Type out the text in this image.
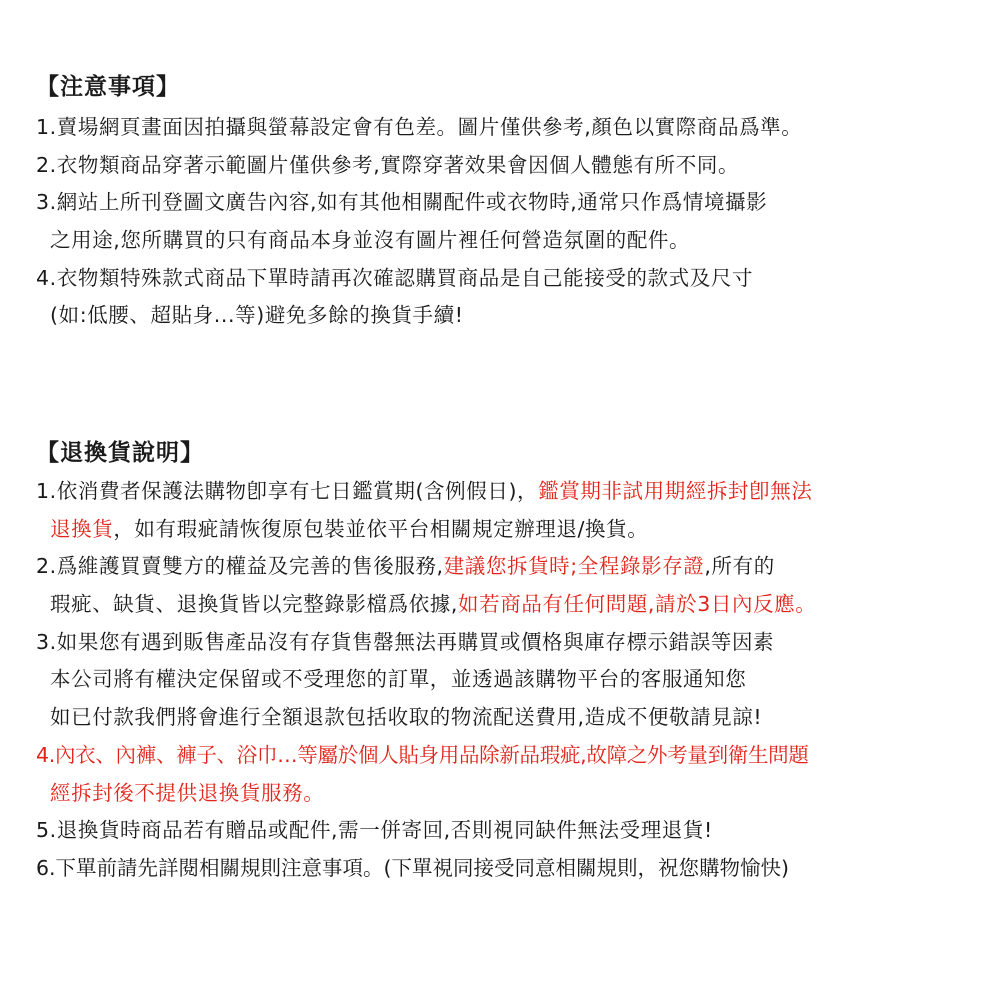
【注意事項】
1.賣場網頁畫面因拍攝與螢幕設定會有色差。圖片僅供參考,顏色以實際商品爲準。
2.衣物類商品穿著示範圖片僅供參考,實際穿著效果會因個人體態有所不同。
3.網站上所刊登圖文廣告內容,如有其他相關配件或衣物時,通常只作爲情境攝影
之用途,您所購買的只有商品本身並沒有圖片裡任何營造氛圍的配件。
4.衣物類特殊款式商品下單時請再次確認購買商品是自己能接受的款式及尺寸
(如:低腰、超貼身...等)避免多餘的換貨手續!
【退換貨說明】
1.依消費者保護法購物卽享有七日鑑賞期(含例假日)，鑑賞期非試用期經拆封卽無法
退換貨，如有瑕疵請恢復原包裝並依平台相關規定辦理退/換貨。
2.爲維護買賣雙方的權益及完善的售後服務,建議您拆貨時;全程錄影存證,所有的
瑕疵、缺貨、退換貨皆以完整錄影檔爲依據,如若商品有任何問題,請於3日內反應。
3.如果您有遇到販售產品沒有存貨售罄無法再購買或價格與庫存標示錯誤等因素
本公司將有權決定保留或不受理您的訂單，並透過該購物平台的客服通知您
如已付款我們將會進行全額退款包括收取的物流配送費用,造成不便敬請見諒!
4.內衣、內褲、褲子、浴巾…等屬於個人貼身用品除新品瑕疵,故障之外考量到衛生問題
經拆封後不提供退換貨服務。
5.退換貨時商品若有贈品或配件,需一併寄回,否則視同缺件無法受理退貨!
6.下單前請先詳閱相關規則注意事項。(下單視同接受同意相關規則，祝您購物愉快)
